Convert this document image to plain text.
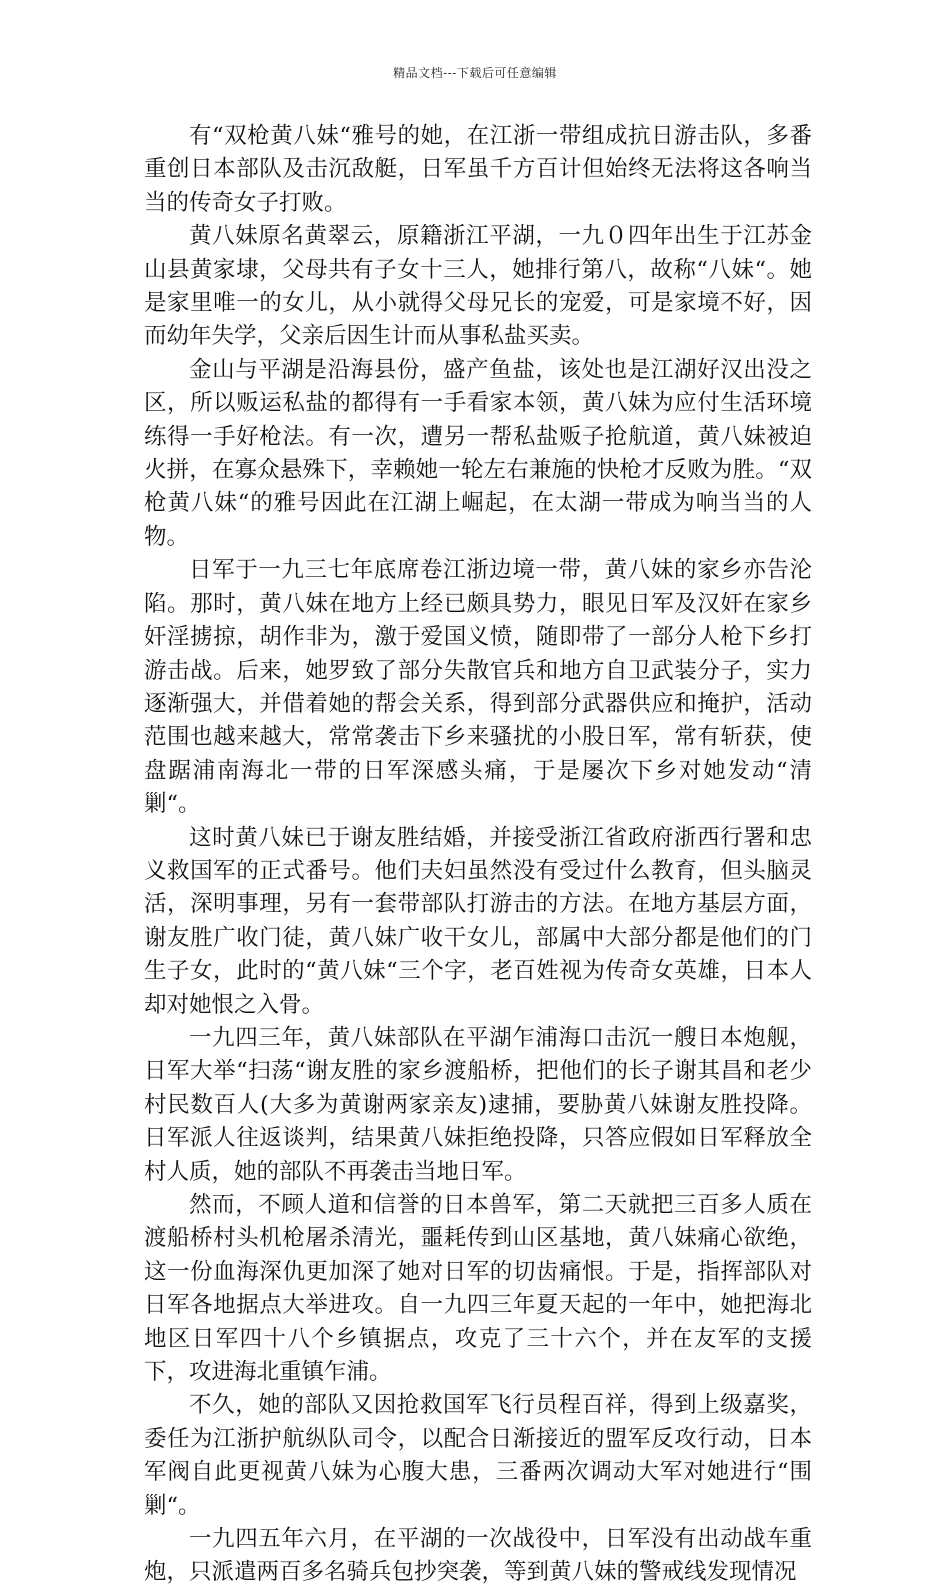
精品文档---下载后可任意编辑

有“双枪黄八妹“雅号的她，在江浙一带组成抗日游击队，多番重创日本部队及击沉敌艇，日军虽千方百计但始终无法将这各响当当的传奇女子打败。

黄八妹原名黄翠云，原籍浙江平湖，一九０四年出生于江苏金山县黄家埭，父母共有子女十三人，她排行第八，故称“八妹“。她是家里唯一的女儿，从小就得父母兄长的宠爱，可是家境不好，因而幼年失学，父亲后因生计而从事私盐买卖。

金山与平湖是沿海县份，盛产鱼盐，该处也是江湖好汉出没之区，所以贩运私盐的都得有一手看家本领，黄八妹为应付生活环境练得一手好枪法。有一次，遭另一帮私盐贩子抢航道，黄八妹被迫火拼，在寡众悬殊下，幸赖她一轮左右兼施的快枪才反败为胜。“双枪黄八妹“的雅号因此在江湖上崛起，在太湖一带成为响当当的人物。

日军于一九三七年底席卷江浙边境一带，黄八妹的家乡亦告沦陷。那时，黄八妹在地方上经已颇具势力，眼见日军及汉奸在家乡奸淫掳掠，胡作非为，激于爱国义愤，随即带了一部分人枪下乡打游击战。后来，她罗致了部分失散官兵和地方自卫武装分子，实力逐渐强大，并借着她的帮会关系，得到部分武器供应和掩护，活动范围也越来越大，常常袭击下乡来骚扰的小股日军，常有斩获，使盘踞浦南海北一带的日军深感头痛，于是屡次下乡对她发动“清剿“。

这时黄八妹已于谢友胜结婚，并接受浙江省政府浙西行署和忠义救国军的正式番号。他们夫妇虽然没有受过什么教育，但头脑灵活，深明事理，另有一套带部队打游击的方法。在地方基层方面，谢友胜广收门徒，黄八妹广收干女儿，部属中大部分都是他们的门生子女，此时的“黄八妹“三个字，老百姓视为传奇女英雄，日本人却对她恨之入骨。

一九四三年，黄八妹部队在平湖乍浦海口击沉一艘日本炮舰，日军大举“扫荡“谢友胜的家乡渡船桥，把他们的长子谢其昌和老少村民数百人(大多为黄谢两家亲友)逮捕，要胁黄八妹谢友胜投降。日军派人往返谈判，结果黄八妹拒绝投降，只答应假如日军释放全村人质，她的部队不再袭击当地日军。

然而，不顾人道和信誉的日本兽军，第二天就把三百多人质在渡船桥村头机枪屠杀清光，噩耗传到山区基地，黄八妹痛心欲绝，这一份血海深仇更加深了她对日军的切齿痛恨。于是，指挥部队对日军各地据点大举进攻。自一九四三年夏天起的一年中，她把海北地区日军四十八个乡镇据点，攻克了三十六个，并在友军的支援下，攻进海北重镇乍浦。

不久，她的部队又因抢救国军飞行员程百祥，得到上级嘉奖，委任为江浙护航纵队司令，以配合日渐接近的盟军反攻行动，日本军阀自此更视黄八妹为心腹大患，三番两次调动大军对她进行“围剿“。

一九四五年六月，在平湖的一次战役中，日军没有出动战车重炮，只派遣两百多名骑兵包抄突袭，等到黄八妹的警戒线发现情况
